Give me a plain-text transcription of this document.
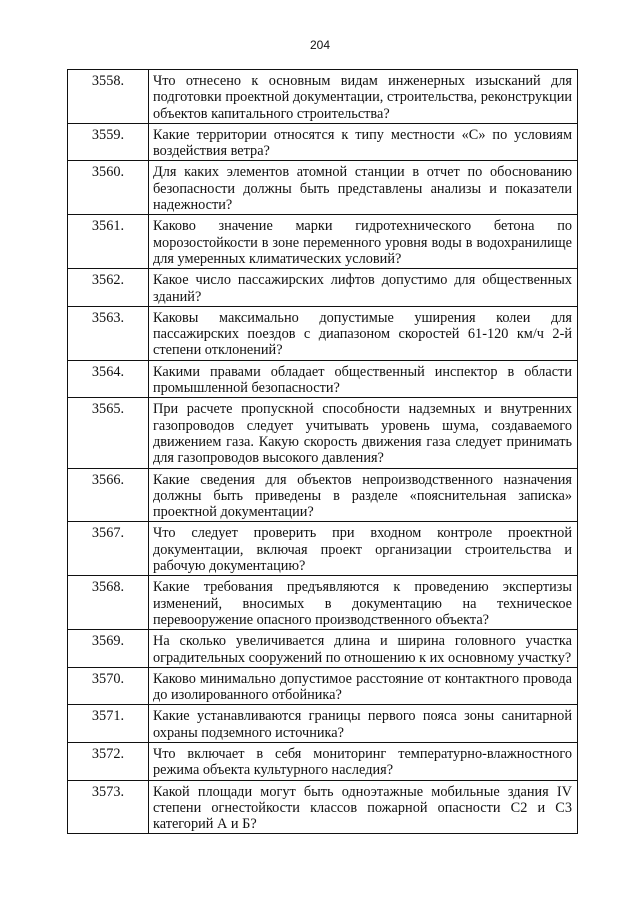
204
3558.	Что отнесено к основным видам инженерных изысканий для подготовки проектной документации, строительства, реконструкции объектов капитального строительства?
3559.	Какие территории относятся к типу местности «С» по условиям воздействия ветра?
3560.	Для каких элементов атомной станции в отчет по обоснованию безопасности должны быть представлены анализы и показатели надежности?
3561.	Каково значение марки гидротехнического бетона по морозостойкости в зоне переменного уровня воды в водохранилище для умеренных климатических условий?
3562.	Какое число пассажирских лифтов допустимо для общественных зданий?
3563.	Каковы максимально допустимые уширения колеи для пассажирских поездов с диапазоном скоростей 61-120 км/ч 2-й степени отклонений?
3564.	Какими правами обладает общественный инспектор в области промышленной безопасности?
3565.	При расчете пропускной способности надземных и внутренних газопроводов следует учитывать уровень шума, создаваемого движением газа. Какую скорость движения газа следует принимать для газопроводов высокого давления?
3566.	Какие сведения для объектов непроизводственного назначения должны быть приведены в разделе «пояснительная записка» проектной документации?
3567.	Что следует проверить при входном контроле проектной документации, включая проект организации строительства и рабочую документацию?
3568.	Какие требования предъявляются к проведению экспертизы изменений, вносимых в документацию на техническое перевооружение опасного производственного объекта?
3569.	На сколько увеличивается длина и ширина головного участка оградительных сооружений по отношению к их основному участку?
3570.	Каково минимально допустимое расстояние от контактного провода до изолированного отбойника?
3571.	Какие устанавливаются границы первого пояса зоны санитарной охраны подземного источника?
3572.	Что включает в себя мониторинг температурно-влажностного режима объекта культурного наследия?
3573.	Какой площади могут быть одноэтажные мобильные здания IV степени огнестойкости классов пожарной опасности С2 и С3 категорий А и Б?
